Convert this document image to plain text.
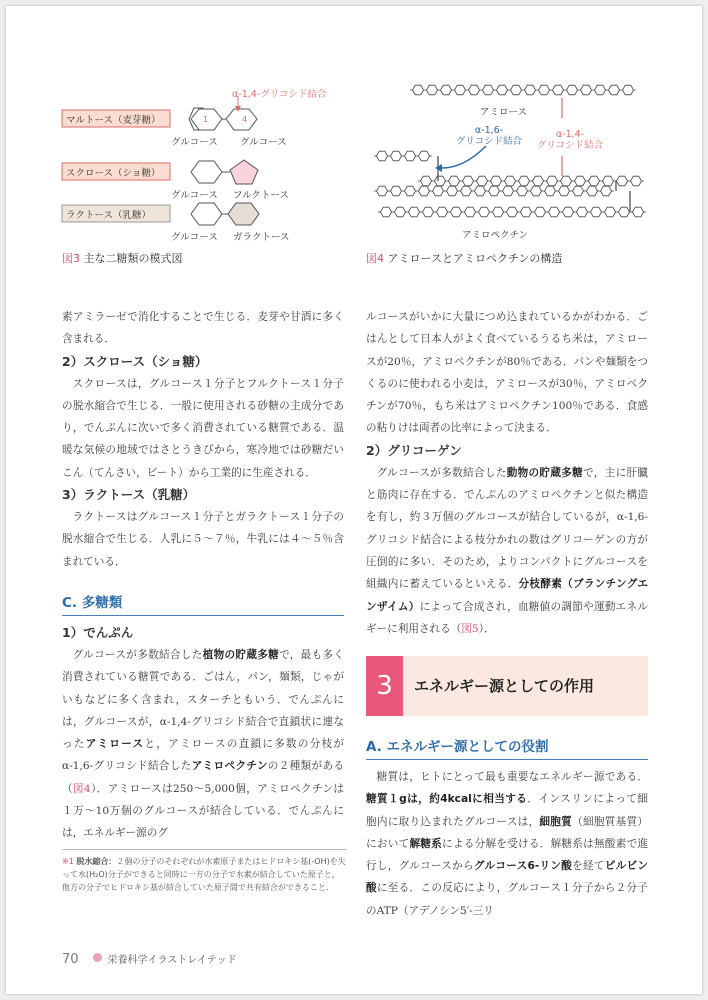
α-1,4-グリコシド結合
1	4
マルトース（麦芽糖）
グルコース グルコース
スクロース（ショ糖）
グルコース フルクトース
ラクトース（乳糖）
グルコース ガラクトース
図3 主な二糖類の模式図
アミロース
α-1,6-
グリコシド結合
α-1,4-
グリコシド結合
アミロペクチン
図4 アミロースとアミロペクチンの構造

素アミラーゼで消化することで生じる．麦芽や甘酒に多く含まれる．

2）スクロース（ショ糖）

スクロースは，グルコース１分子とフルクトース１分子の脱水縮合で生じる．一般に使用される砂糖の主成分であり，でんぷんに次いで多く消費されている糖質である．温暖な気候の地域ではさとうきびから，寒冷地では砂糖だいこん（てんさい，ビート）から工業的に生産される．

3）ラクトース（乳糖）

ラクトースはグルコース１分子とガラクトース１分子の脱水縮合で生じる．人乳に５〜７％，牛乳には４〜５％含まれている．

C. 多糖類

1）でんぷん

グルコースが多数結合した植物の貯蔵多糖で，最も多く消費されている糖質である．ごはん，パン，麺類，じゃがいもなどに多く含まれ，スターチともいう．でんぷんには，グルコースが，α-1,4-グリコシド結合で直鎖状に連なったアミロースと，アミロースの直鎖に多数の分枝がα-1,6-グリコシド結合したアミロペクチンの２種類がある（図4）．アミロースは250〜5,000個，アミロペクチンは１万〜10万個のグルコースが結合している．でんぷんには，エネルギー源のグ

※1 脱水縮合：２個の分子のそれぞれが水素原子またはヒドロキシ基(-OH)を失って水(H₂O)分子ができると同時に一方の分子で水素が結合していた原子と，他方の分子でヒドロキシ基が結合していた原子間で共有結合ができること．

ルコースがいかに大量につめ込まれているかがわかる．ごはんとして日本人がよく食べているうるち米は，アミロースが20％，アミロペクチンが80％である．パンや麺類をつくるのに使われる小麦は，アミロースが30％，アミロペクチンが70％，もち米はアミロペクチン100％である．食感の粘りけは両者の比率によって決まる．

2）グリコーゲン

グルコースが多数結合した動物の貯蔵多糖で，主に肝臓と筋肉に存在する．でんぷんのアミロペクチンと似た構造を有し，約３万個のグルコースが結合しているが，α-1,6-グリコシド結合による枝分かれの数はグリコーゲンの方が圧倒的に多い．そのため，よりコンパクトにグルコースを組織内に蓄えているといえる．分枝酵素（ブランチングエンザイム）によって合成され，血糖値の調節や運動エネルギーに利用される（図5）．

3	エネルギー源としての作用
A. エネルギー源としての役割

糖質は，ヒトにとって最も重要なエネルギー源である．糖質１gは，約4kcalに相当する．インスリンによって細胞内に取り込まれたグルコースは，細胞質（細胞質基質）において解糖系による分解を受ける．解糖系は無酸素で進行し，グルコースからグルコース6-リン酸を経てピルビン酸に至る．この反応により，グルコース１分子から２分子のATP（アデノシン5′-三リ

70	栄養科学イラストレイテッド
